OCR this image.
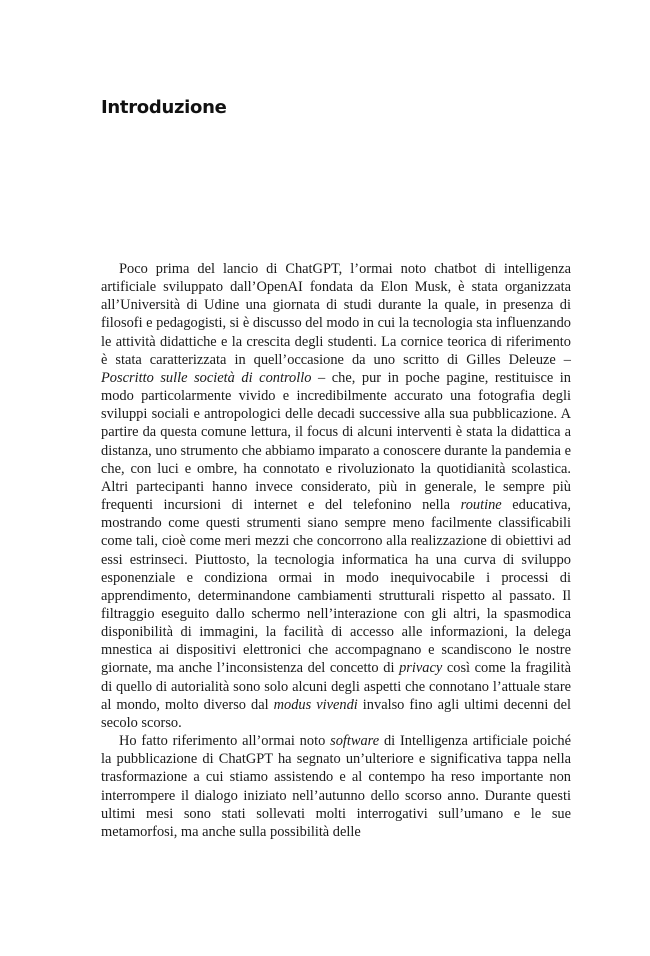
Introduzione

Poco prima del lancio di ChatGPT, l’ormai noto chatbot di intelligenza artificiale sviluppato dall’OpenAI fondata da Elon Musk, è stata organizzata all’Università di Udine una giornata di studi durante la quale, in presenza di filosofi e pedagogisti, si è discusso del modo in cui la tecnologia sta influenzando le attività didattiche e la crescita degli studenti. La cornice teorica di riferimento è stata caratterizzata in quell’occasione da uno scritto di Gilles Deleuze – Poscritto sulle società di controllo – che, pur in poche pagine, restituisce in modo particolarmente vivido e incredibilmente accurato una fotografia degli sviluppi sociali e antropologici delle decadi successive alla sua pubblicazione. A partire da questa comune lettura, il focus di alcuni interventi è stata la didattica a distanza, uno strumento che abbiamo imparato a conoscere durante la pandemia e che, con luci e ombre, ha connotato e rivoluzionato la quotidianità scolastica. Altri partecipanti hanno invece considerato, più in generale, le sempre più frequenti incursioni di internet e del telefonino nella routine educativa, mostrando come questi strumenti siano sempre meno facilmente classificabili come tali, cioè come meri mezzi che concorrono alla realizzazione di obiettivi ad essi estrinseci. Piuttosto, la tecnologia informatica ha una curva di sviluppo esponenziale e condiziona ormai in modo inequivocabile i processi di apprendimento, determinandone cambiamenti strutturali rispetto al passato. Il filtraggio eseguito dallo schermo nell’interazione con gli altri, la spasmodica disponibilità di immagini, la facilità di accesso alle informazioni, la delega mnestica ai dispositivi elettronici che accompagnano e scandiscono le nostre giornate, ma anche l’inconsistenza del concetto di privacy così come la fragilità di quello di autorialità sono solo alcuni degli aspetti che connotano l’attuale stare al mondo, molto diverso dal modus vivendi invalso fino agli ultimi decenni del secolo scorso.

Ho fatto riferimento all’ormai noto software di Intelligenza artificiale poiché la pubblicazione di ChatGPT ha segnato un’ulteriore e significativa tappa nella trasformazione a cui stiamo assistendo e al contempo ha reso importante non interrompere il dialogo iniziato nell’autunno dello scorso anno. Durante questi ultimi mesi sono stati sollevati molti interrogativi sull’umano e le sue metamorfosi, ma anche sulla possibilità delle
